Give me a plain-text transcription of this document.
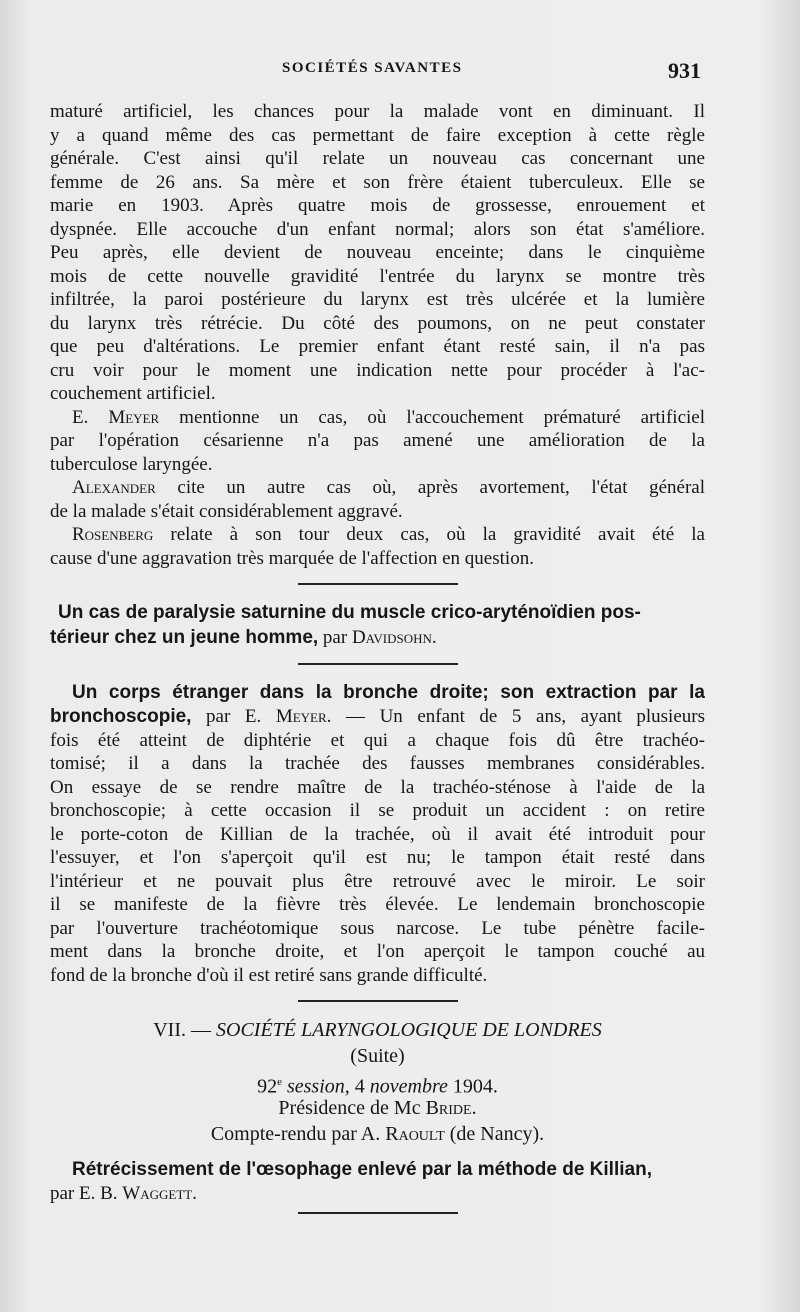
SOCIÉTÉS SAVANTES	931
maturé artificiel, les chances pour la malade vont en diminuant. Il
y a quand même des cas permettant de faire exception à cette règle
générale. C'est ainsi qu'il relate un nouveau cas concernant une
femme de 26 ans. Sa mère et son frère étaient tuberculeux. Elle se
marie en 1903. Après quatre mois de grossesse, enrouement et
dyspnée. Elle accouche d'un enfant normal; alors son état s'améliore.
Peu après, elle devient de nouveau enceinte; dans le cinquième
mois de cette nouvelle gravidité l'entrée du larynx se montre très
infiltrée, la paroi postérieure du larynx est très ulcérée et la lumière
du larynx très rétrécie. Du côté des poumons, on ne peut constater
que peu d'altérations. Le premier enfant étant resté sain, il n'a pas
cru voir pour le moment une indication nette pour procéder à l'ac-
couchement artificiel.
E. Meyer mentionne un cas, où l'accouchement prématuré artificiel
par l'opération césarienne n'a pas amené une amélioration de la
tuberculose laryngée.
Alexander cite un autre cas où, après avortement, l'état général
de la malade s'était considérablement aggravé.
Rosenberg relate à son tour deux cas, où la gravidité avait été la
cause d'une aggravation très marquée de l'affection en question.
Un cas de paralysie saturnine du muscle crico-aryténoïdien pos-
térieur chez un jeune homme, par Davidsohn.
Un corps étranger dans la bronche droite; son extraction par la
bronchoscopie, par E. Meyer. — Un enfant de 5 ans, ayant plusieurs
fois été atteint de diphtérie et qui a chaque fois dû être trachéo-
tomisé; il a dans la trachée des fausses membranes considérables.
On essaye de se rendre maître de la trachéo-sténose à l'aide de la
bronchoscopie; à cette occasion il se produit un accident : on retire
le porte-coton de Killian de la trachée, où il avait été introduit pour
l'essuyer, et l'on s'aperçoit qu'il est nu; le tampon était resté dans
l'intérieur et ne pouvait plus être retrouvé avec le miroir. Le soir
il se manifeste de la fièvre très élevée. Le lendemain bronchoscopie
par l'ouverture trachéotomique sous narcose. Le tube pénètre facile-
ment dans la bronche droite, et l'on aperçoit le tampon couché au
fond de la bronche d'où il est retiré sans grande difficulté.
VII. — SOCIÉTÉ LARYNGOLOGIQUE DE LONDRES
(Suite)
92e session, 4 novembre 1904.
Présidence de Mc Bride.
Compte-rendu par A. Raoult (de Nancy).
Rétrécissement de l'œsophage enlevé par la méthode de Killian,
par E. B. Waggett.
